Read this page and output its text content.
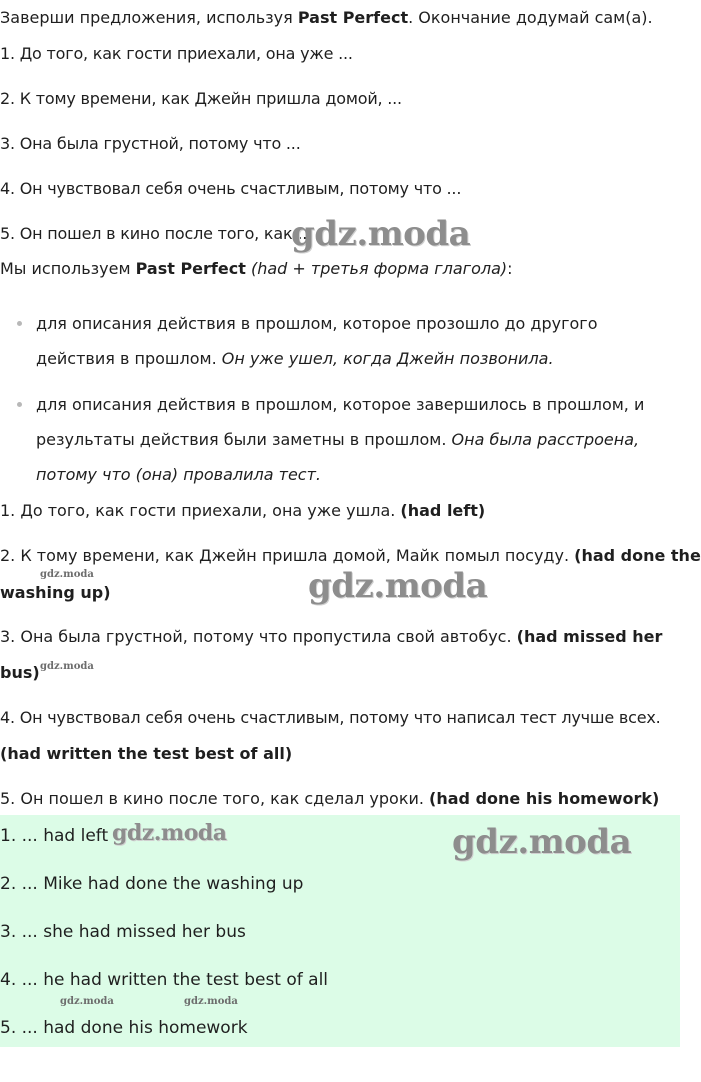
Заверши предложения, используя Past Perfect. Окончание додумай сам(а).
1. До того, как гости приехали, она уже ...
2. К тому времени, как Джейн пришла домой, ...
3. Она была грустной, потому что ...
4. Он чувствовал себя очень счастливым, потому что ...
5. Он пошел в кино после того, как ...
Мы используем Past Perfect (had + третья форма глагола):
для описания действия в прошлом, которое прозошло до другого действия в прошлом. Он уже ушел, когда Джейн позвонила.
для описания действия в прошлом, которое завершилось в прошлом, и результаты действия были заметны в прошлом. Она была расстроена, потому что (она) провалила тест.
1. До того, как гости приехали, она уже ушла. (had left)
2. К тому времени, как Джейн пришла домой, Майк помыл посуду. (had done the
washing up)
3. Она была грустной, потому что пропустила свой автобус. (had missed her
bus)
4. Он чувствовал себя очень счастливым, потому что написал тест лучше всех.
(had written the test best of all)
5. Он пошел в кино после того, как сделал уроки. (had done his homework)
1. ... had left
2. ... Mike had done the washing up
3. ... she had missed her bus
4. ... he had written the test best of all
5. ... had done his homework
gdz.moda
gdz.moda
gdz.moda
gdz.moda
gdz.moda
gdz.moda
gdz.moda	gdz.moda
